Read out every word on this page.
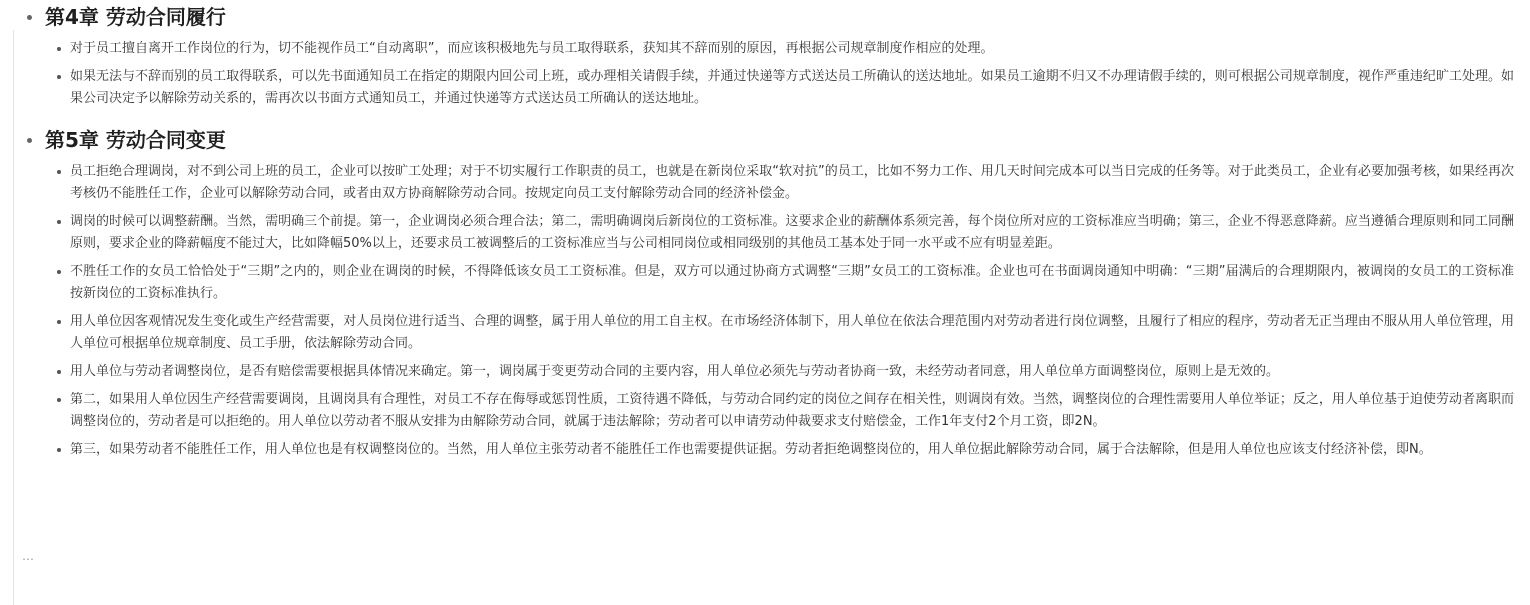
⋯
第4章 劳动合同履行
对于员工擅自离开工作岗位的行为，切不能视作员工“自动离职”，而应该积极地先与员工取得联系，获知其不辞而别的原因，再根据公司规章制度作相应的处理。
如果无法与不辞而别的员工取得联系，可以先书面通知员工在指定的期限内回公司上班，或办理相关请假手续，并通过快递等方式送达员工所确认的送达地址。如果员工逾期不归又不办理请假手续的，则可根据公司规章制度，视作严重违纪旷工处理。如果公司决定予以解除劳动关系的，需再次以书面方式通知员工，并通过快递等方式送达员工所确认的送达地址。
第5章 劳动合同变更
员工拒绝合理调岗，对不到公司上班的员工，企业可以按旷工处理；对于不切实履行工作职责的员工，也就是在新岗位采取“软对抗”的员工，比如不努力工作、用几天时间完成本可以当日完成的任务等。对于此类员工，企业有必要加强考核，如果经再次考核仍不能胜任工作，企业可以解除劳动合同，或者由双方协商解除劳动合同。按规定向员工支付解除劳动合同的经济补偿金。
调岗的时候可以调整薪酬。当然，需明确三个前提。第一，企业调岗必须合理合法；第二，需明确调岗后新岗位的工资标准。这要求企业的薪酬体系须完善，每个岗位所对应的工资标准应当明确；第三，企业不得恶意降薪。应当遵循合理原则和同工同酬原则，要求企业的降薪幅度不能过大，比如降幅50%以上，还要求员工被调整后的工资标准应当与公司相同岗位或相同级别的其他员工基本处于同一水平或不应有明显差距。
不胜任工作的女员工恰恰处于“三期”之内的，则企业在调岗的时候，不得降低该女员工工资标准。但是，双方可以通过协商方式调整“三期”女员工的工资标准。企业也可在书面调岗通知中明确：“三期”届满后的合理期限内，被调岗的女员工的工资标准按新岗位的工资标准执行。
用人单位因客观情况发生变化或生产经营需要，对人员岗位进行适当、合理的调整，属于用人单位的用工自主权。在市场经济体制下，用人单位在依法合理范围内对劳动者进行岗位调整，且履行了相应的程序，劳动者无正当理由不服从用人单位管理，用人单位可根据单位规章制度、员工手册，依法解除劳动合同。
用人单位与劳动者调整岗位，是否有赔偿需要根据具体情况来确定。第一，调岗属于变更劳动合同的主要内容，用人单位必须先与劳动者协商一致，未经劳动者同意，用人单位单方面调整岗位，原则上是无效的。
第二，如果用人单位因生产经营需要调岗，且调岗具有合理性，对员工不存在侮辱或惩罚性质，工资待遇不降低，与劳动合同约定的岗位之间存在相关性，则调岗有效。当然，调整岗位的合理性需要用人单位举证；反之，用人单位基于迫使劳动者离职而调整岗位的，劳动者是可以拒绝的。用人单位以劳动者不服从安排为由解除劳动合同，就属于违法解除；劳动者可以申请劳动仲裁要求支付赔偿金，工作1年支付2个月工资，即2N。
第三，如果劳动者不能胜任工作，用人单位也是有权调整岗位的。当然，用人单位主张劳动者不能胜任工作也需要提供证据。劳动者拒绝调整岗位的，用人单位据此解除劳动合同，属于合法解除，但是用人单位也应该支付经济补偿，即N。
